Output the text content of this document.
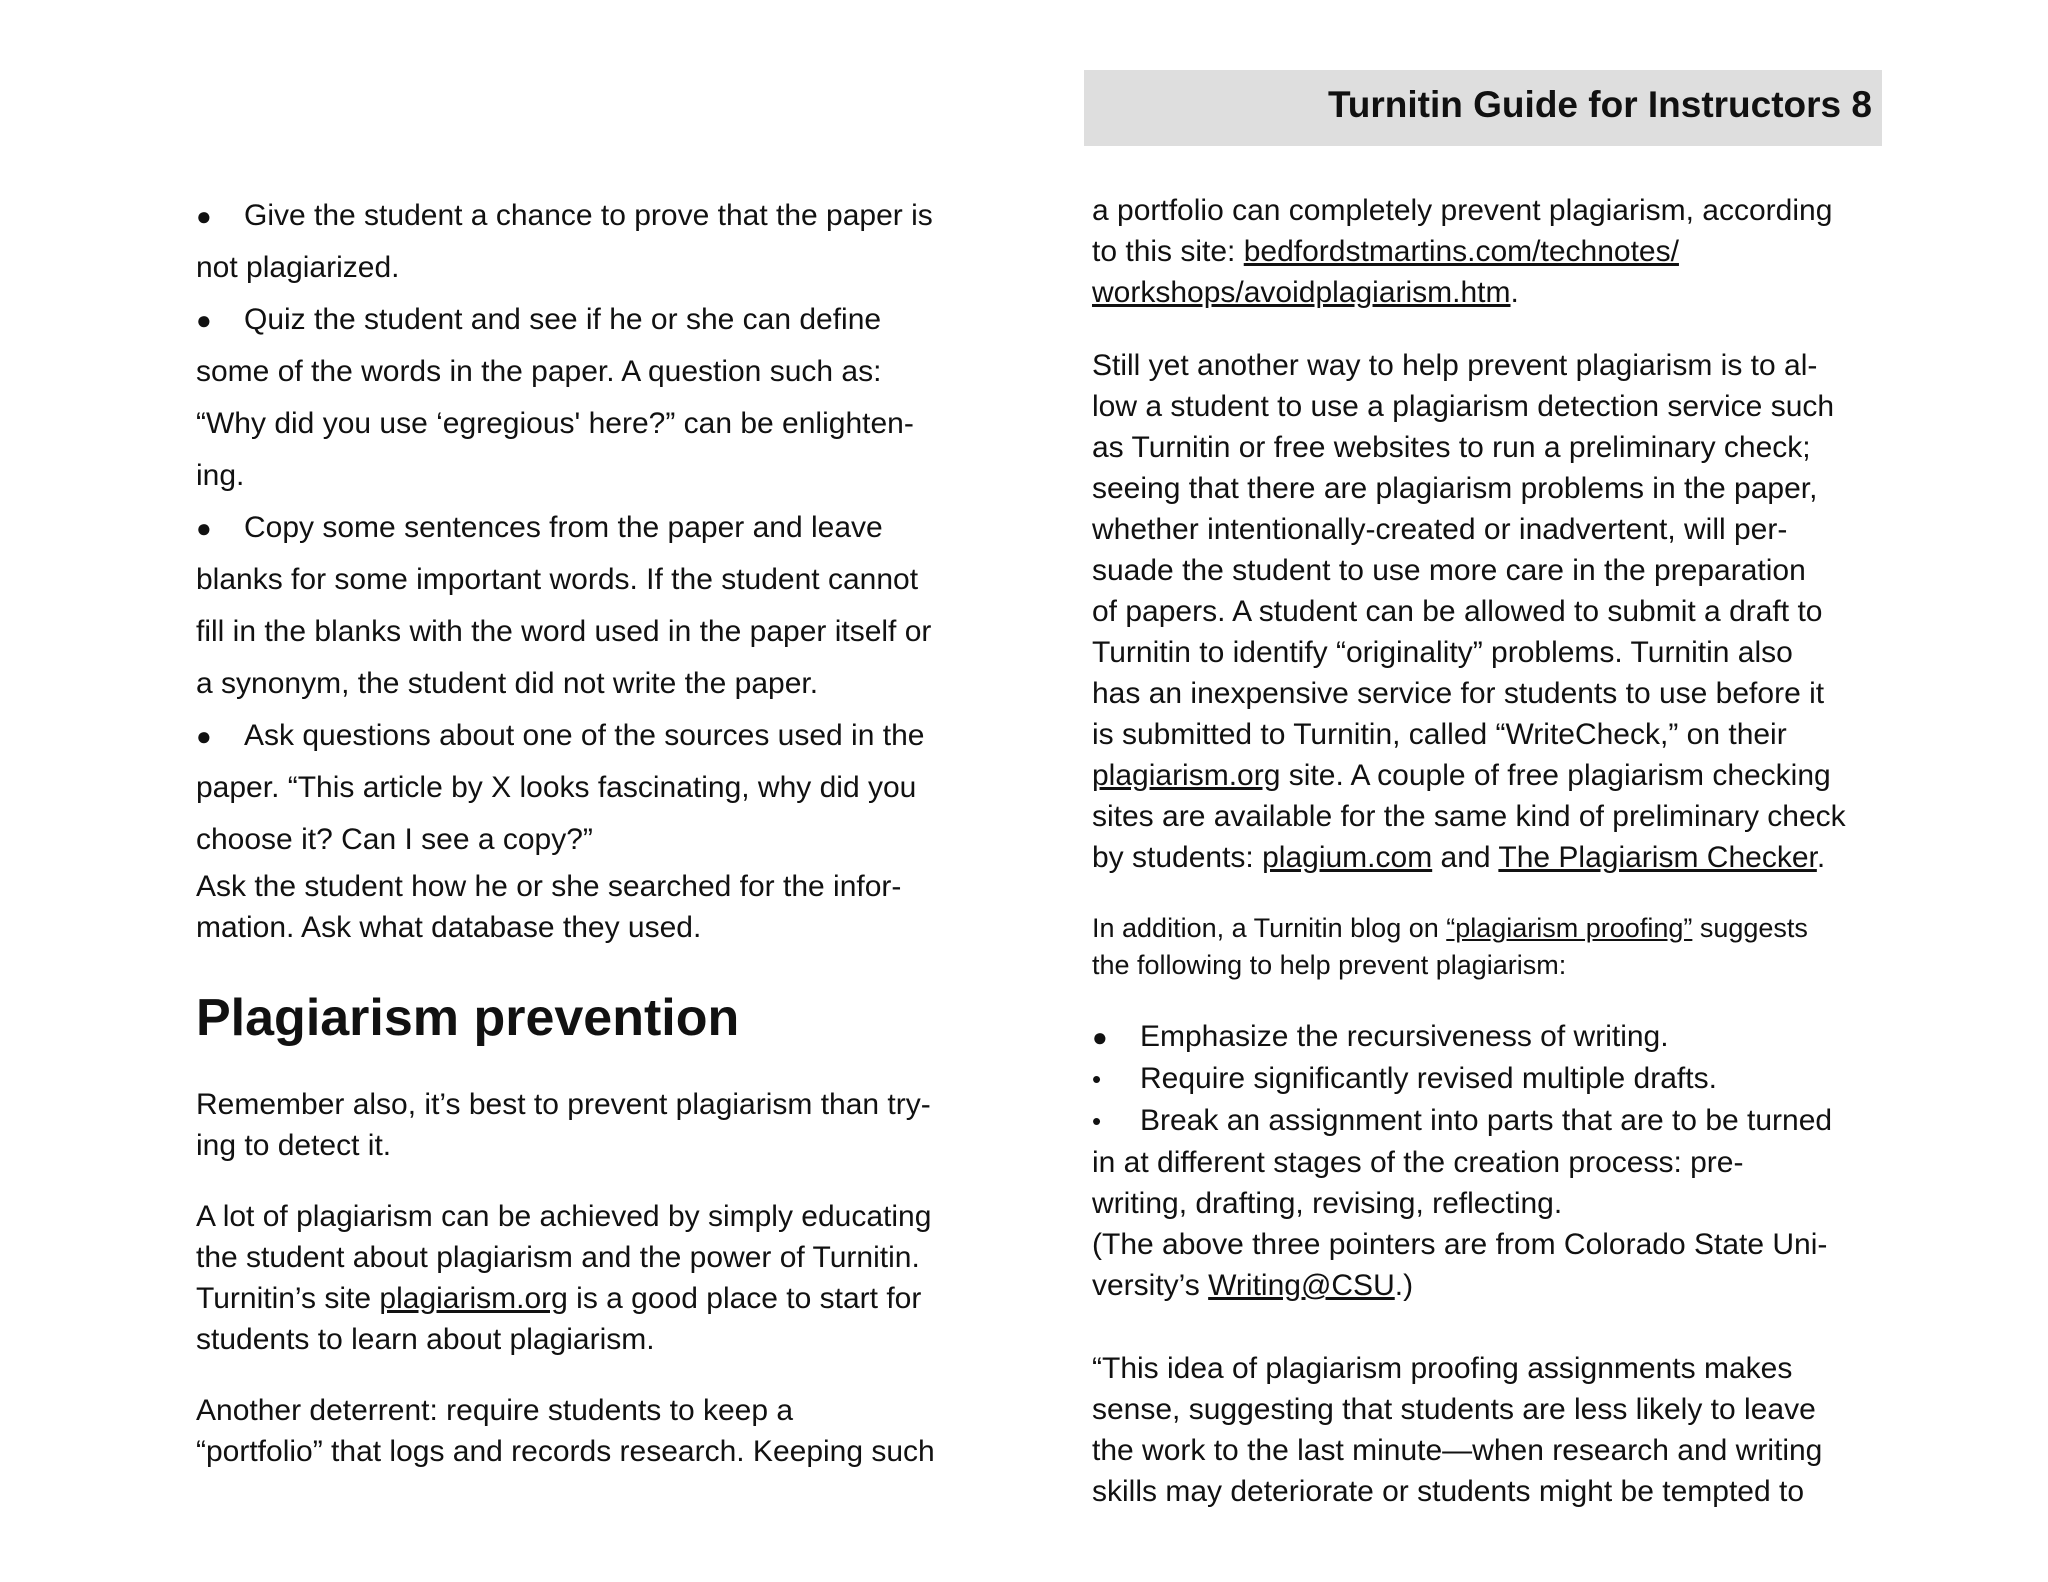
Turnitin Guide for Instructors 8

● Give the student a chance to prove that the paper is

not plagiarized.

● Quiz the student and see if he or she can define

some of the words in the paper. A question such as:

“Why did you use ‘egregious' here?” can be enlighten-

ing.

● Copy some sentences from the paper and leave

blanks for some important words. If the student cannot

fill in the blanks with the word used in the paper itself or

a synonym, the student did not write the paper.

● Ask questions about one of the sources used in the

paper. “This article by X looks fascinating, why did you

choose it? Can I see a copy?”

Ask the student how he or she searched for the infor-

mation. Ask what database they used.

Plagiarism prevention

Remember also, it’s best to prevent plagiarism than try-

ing to detect it.

A lot of plagiarism can be achieved by simply educating

the student about plagiarism and the power of Turnitin.

Turnitin’s site plagiarism.org is a good place to start for

students to learn about plagiarism.

Another deterrent: require students to keep a

“portfolio” that logs and records research. Keeping such

a portfolio can completely prevent plagiarism, according

to this site: bedfordstmartins.com/technotes/

workshops/avoidplagiarism.htm.

Still yet another way to help prevent plagiarism is to al-

low a student to use a plagiarism detection service such

as Turnitin or free websites to run a preliminary check;

seeing that there are plagiarism problems in the paper,

whether intentionally-created or inadvertent, will per-

suade the student to use more care in the preparation

of papers. A student can be allowed to submit a draft to

Turnitin to identify “originality” problems. Turnitin also

has an inexpensive service for students to use before it

is submitted to Turnitin, called “WriteCheck,” on their

plagiarism.org site. A couple of free plagiarism checking

sites are available for the same kind of preliminary check

by students: plagium.com and The Plagiarism Checker.

In addition, a Turnitin blog on “plagiarism proofing” suggests

the following to help prevent plagiarism:

● Emphasize the recursiveness of writing.

• Require significantly revised multiple drafts.

• Break an assignment into parts that are to be turned

in at different stages of the creation process: pre-

writing, drafting, revising, reflecting.

(The above three pointers are from Colorado State Uni-

versity’s Writing@CSU.)

“This idea of plagiarism proofing assignments makes

sense, suggesting that students are less likely to leave

the work to the last minute—when research and writing

skills may deteriorate or students might be tempted to
